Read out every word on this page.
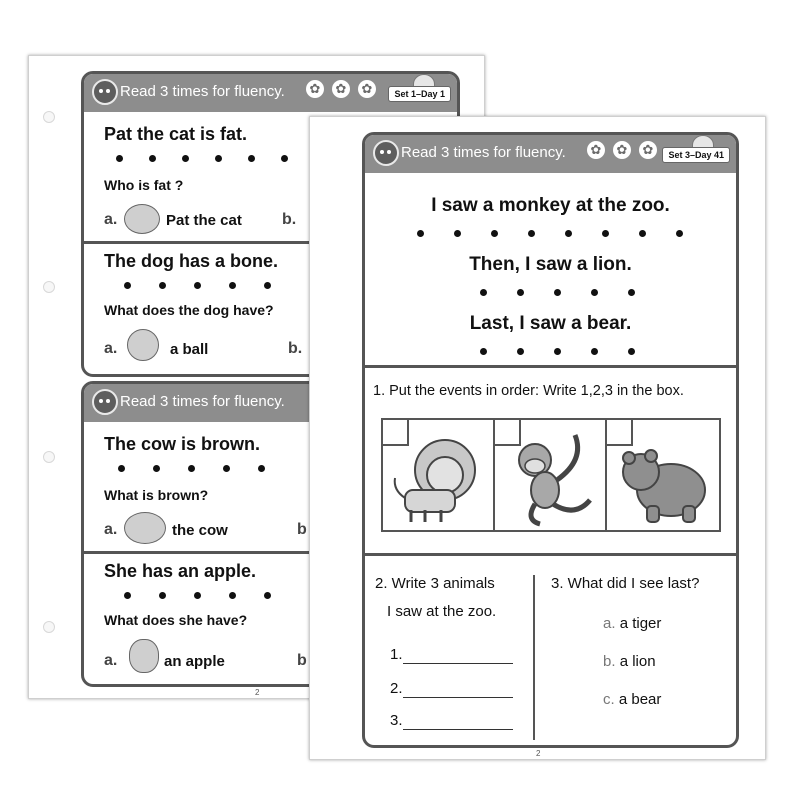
Read 3 times for fluency. ✿ ✿ ✿	Set 1–Day 1
Pat the cat is fat.
Who is fat ?
a.	Pat the cat	b.
The dog has a bone.
What does the dog have?
a.	a ball	b.
Read 3 times for fluency.
The cow is brown.
What is brown?
a.	the cow	b
She has an apple.
What does she have?
a.	an apple	b
2
Read 3 times for fluency. ✿ ✿ ✿	Set 3–Day 41
I saw a monkey at the zoo.
Then, I saw a lion.
Last, I saw a bear.
1. Put the events in order: Write 1,2,3 in the box.
2. Write 3 animals
I saw at the zoo.
1.
2.
3.
3. What did I see last?
a. a tiger
b. a lion
c. a bear
2
